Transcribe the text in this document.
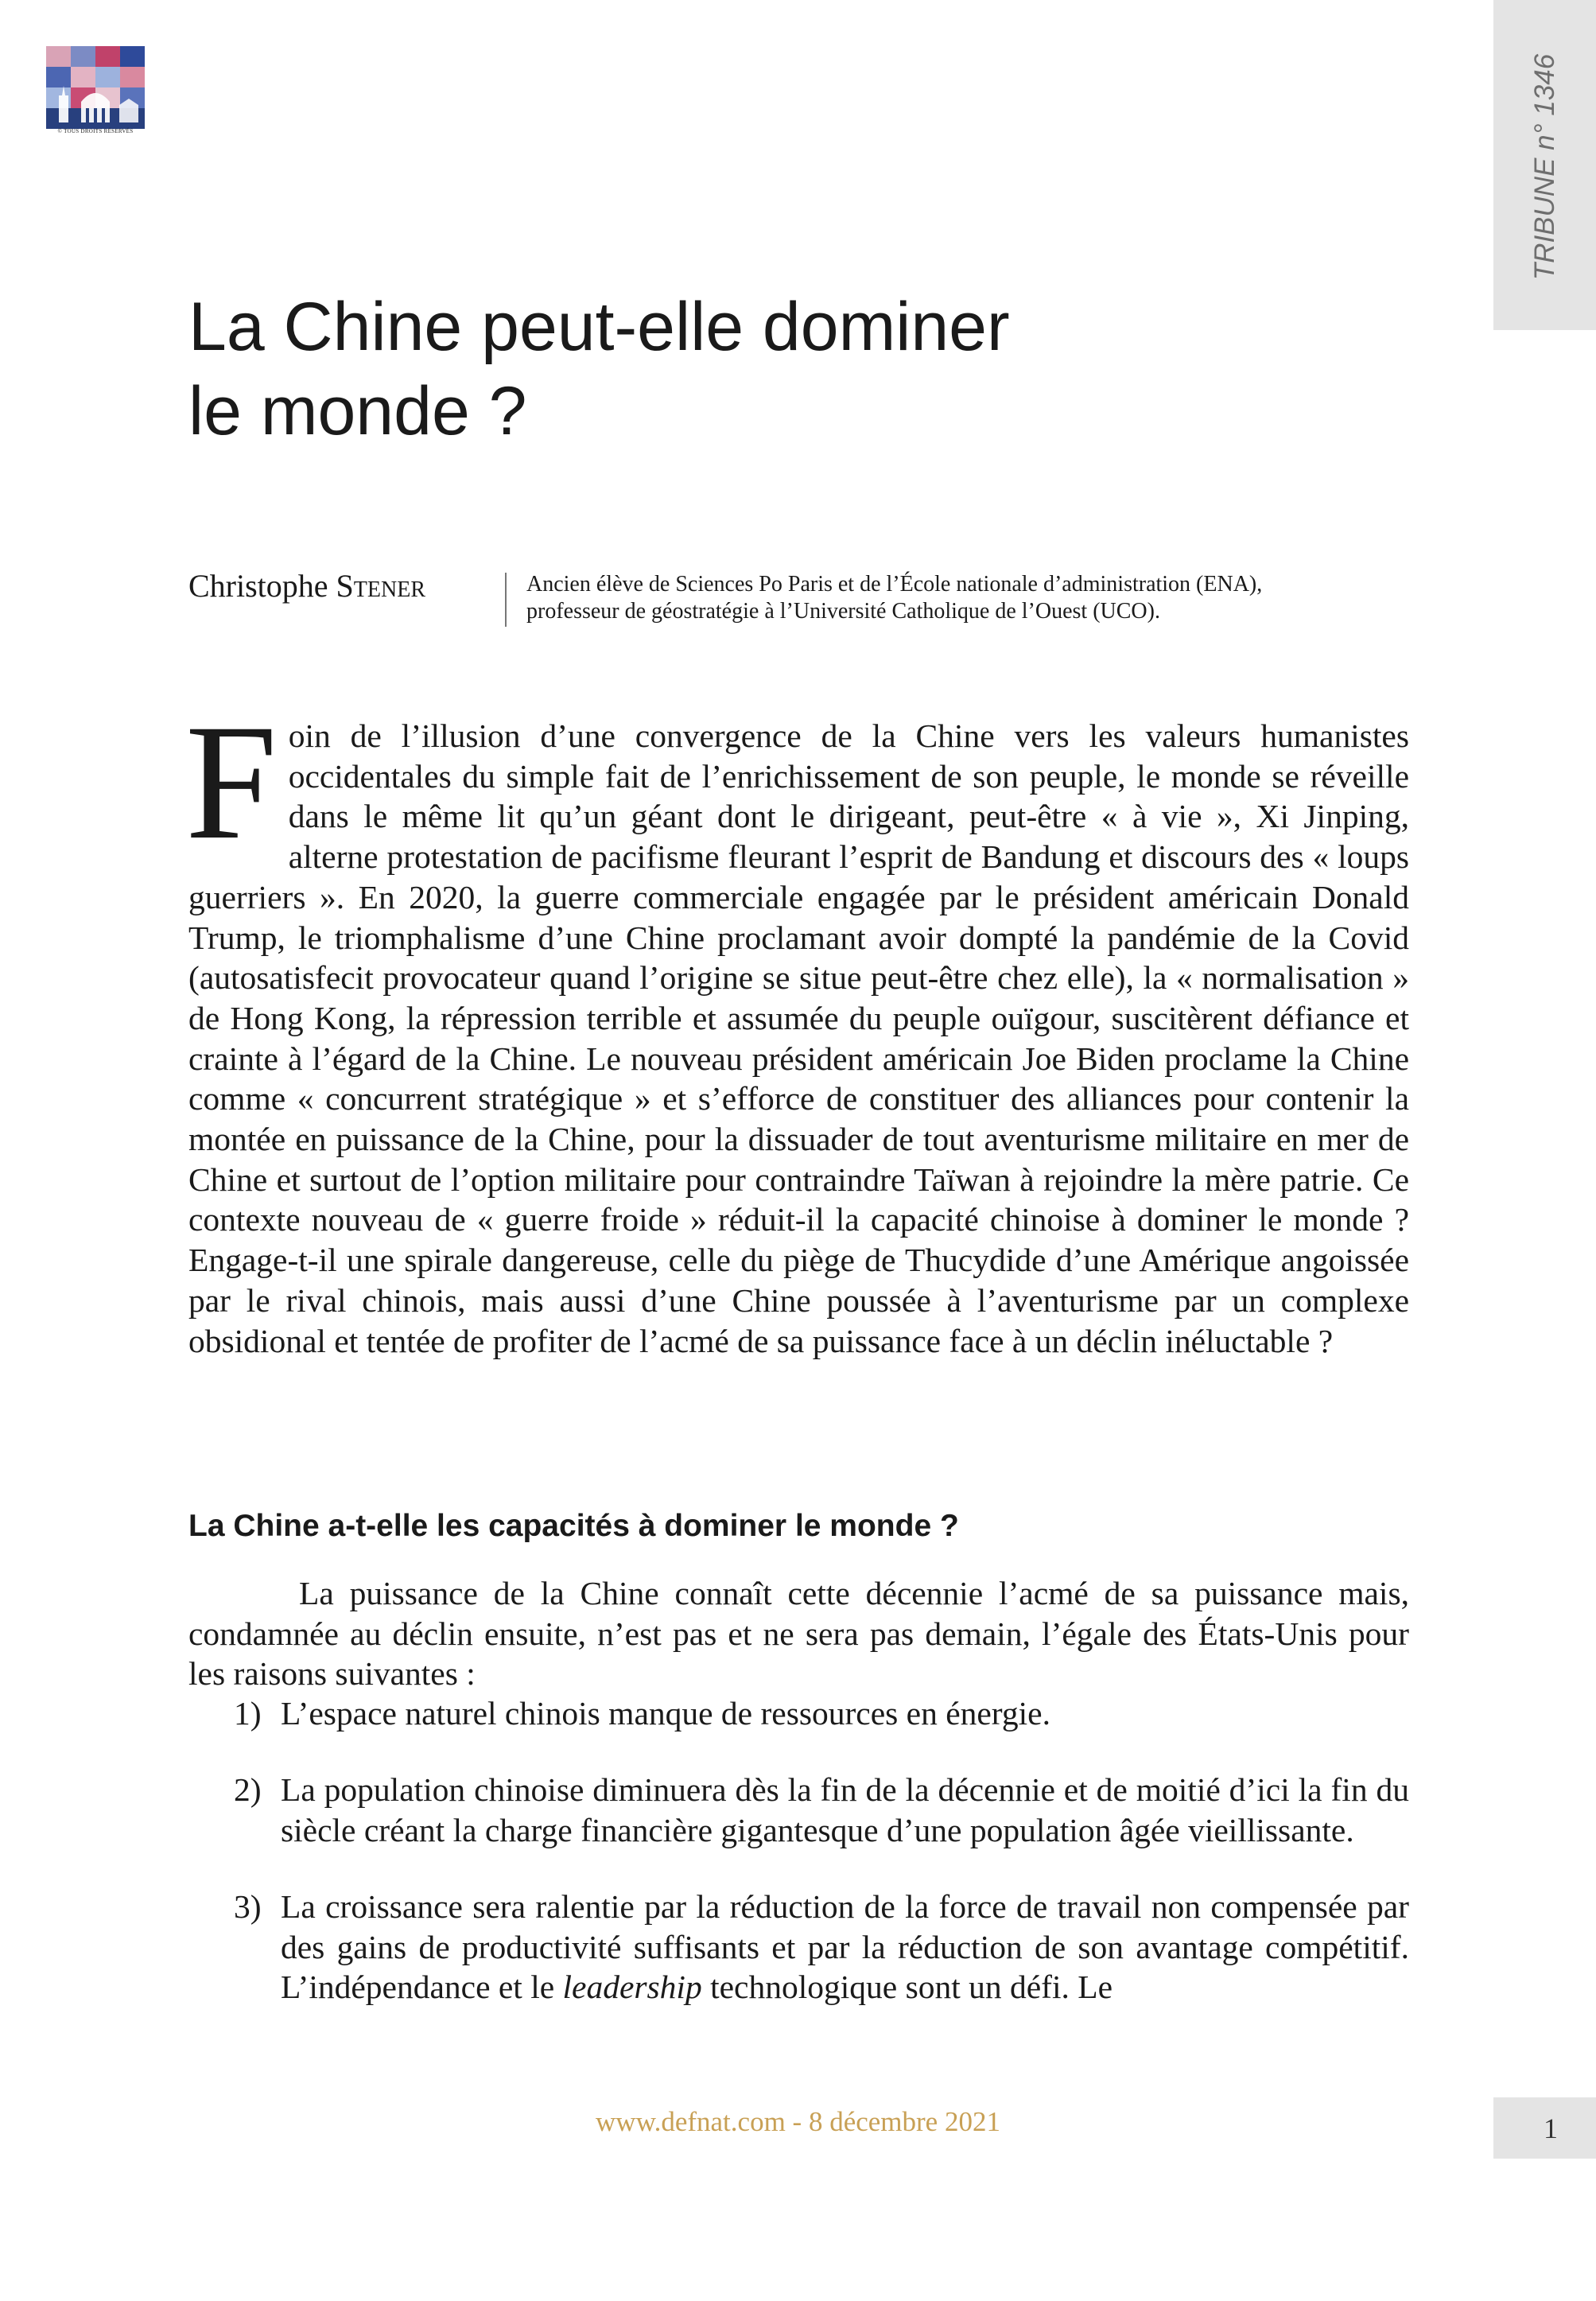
© TOUS DROITS RÉSERVÉS	TRIBUNE n° 1346
La Chine peut-elle dominer
le monde ?
Christophe Stener	Ancien élève de Sciences Po Paris et de l’École nationale d’administration (ENA),
professeur de géostratégie à l’Université Catholique de l’Ouest (UCO).

Foin de l’illusion d’une convergence de la Chine vers les valeurs humanistes occidentales du simple fait de l’enrichissement de son peuple, le monde se réveille dans le même lit qu’un géant dont le dirigeant, peut-être « à vie », Xi Jinping, alterne protestation de pacifisme fleurant l’esprit de Bandung et discours des « loups guerriers ». En 2020, la guerre commerciale engagée par le président américain Donald Trump, le triomphalisme d’une Chine proclamant avoir dompté la pandémie de la Covid (autosatisfecit provocateur quand l’origine se situe peut-être chez elle), la « normalisation » de Hong Kong, la répression terrible et assumée du peuple ouïgour, suscitèrent défiance et crainte à l’égard de la Chine. Le nouveau président américain Joe Biden proclame la Chine comme « concurrent stratégique » et s’efforce de constituer des alliances pour contenir la montée en puissance de la Chine, pour la dissuader de tout aventurisme militaire en mer de Chine et surtout de l’option militaire pour contraindre Taïwan à rejoindre la mère patrie. Ce contexte nouveau de « guerre froide » réduit-il la capacité chinoise à dominer le monde ? Engage-t-il une spirale dangereuse, celle du piège de Thucydide d’une Amérique angoissée par le rival chinois, mais aussi d’une Chine poussée à l’aventurisme par un complexe obsidional et tentée de profiter de l’acmé de sa puissance face à un déclin inéluctable ?

La Chine a-t-elle les capacités à dominer le monde ?

La puissance de la Chine connaît cette décennie l’acmé de sa puissance mais, condamnée au déclin ensuite, n’est pas et ne sera pas demain, l’égale des États-Unis pour les raisons suivantes :

1) L’espace naturel chinois manque de ressources en énergie.
2) La population chinoise diminuera dès la fin de la décennie et de moitié d’ici la fin du siècle créant la charge financière gigantesque d’une population âgée vieillissante.
3) La croissance sera ralentie par la réduction de la force de travail non compensée par des gains de productivité suffisants et par la réduction de son avantage compétitif. L’indépendance et le leadership technologique sont un défi. Le
www.defnat.com - 8 décembre 2021	1
